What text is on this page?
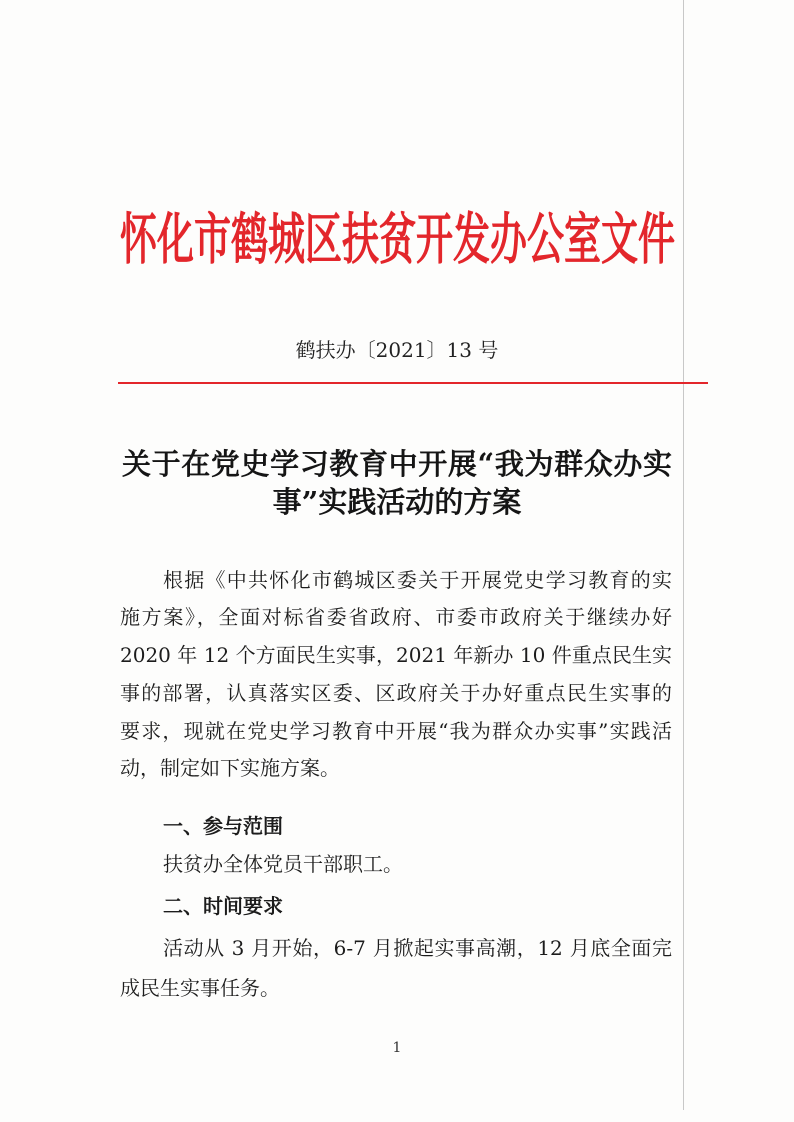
怀化市鹤城区扶贫开发办公室文件
鹤扶办〔2021〕13 号
关于在党史学习教育中开展“我为群众办实
事”实践活动的方案
根据《中共怀化市鹤城区委关于开展党史学习教育的实
施方案》，全面对标省委省政府、市委市政府关于继续办好
2020 年 12 个方面民生实事，2021 年新办 10 件重点民生实
事的部署，认真落实区委、区政府关于办好重点民生实事的
要求，现就在党史学习教育中开展“我为群众办实事”实践活
动，制定如下实施方案。
一、参与范围
扶贫办全体党员干部职工。
二、时间要求
活动从 3 月开始，6-7 月掀起实事高潮，12 月底全面完
成民生实事任务。
1
